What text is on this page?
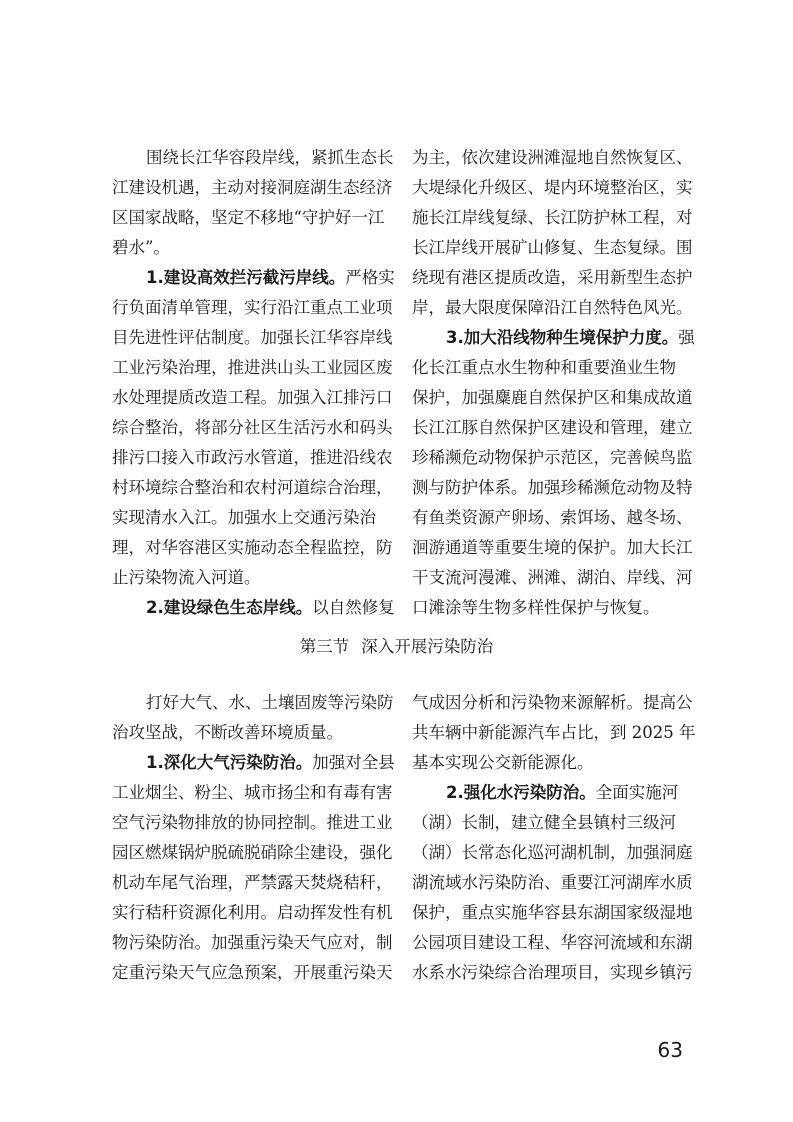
围绕长江华容段岸线，紧抓生态长
江建设机遇，主动对接洞庭湖生态经济
区国家战略，坚定不移地“守护好一江
碧水”。
1.建设高效拦污截污岸线。严格实
行负面清单管理，实行沿江重点工业项
目先进性评估制度。加强长江华容岸线
工业污染治理，推进洪山头工业园区废
水处理提质改造工程。加强入江排污口
综合整治，将部分社区生活污水和码头
排污口接入市政污水管道，推进沿线农
村环境综合整治和农村河道综合治理，
实现清水入江。加强水上交通污染治
理，对华容港区实施动态全程监控，防
止污染物流入河道。
2.建设绿色生态岸线。以自然修复
为主，依次建设洲滩湿地自然恢复区、
大堤绿化升级区、堤内环境整治区，实
施长江岸线复绿、长江防护林工程，对
长江岸线开展矿山修复、生态复绿。围
绕现有港区提质改造，采用新型生态护
岸，最大限度保障沿江自然特色风光。
3.加大沿线物种生境保护力度。强
化长江重点水生物种和重要渔业生物
保护，加强麋鹿自然保护区和集成故道
长江江豚自然保护区建设和管理，建立
珍稀濒危动物保护示范区，完善候鸟监
测与防护体系。加强珍稀濒危动物及特
有鱼类资源产卵场、索饵场、越冬场、
洄游通道等重要生境的保护。加大长江
干支流河漫滩、洲滩、湖泊、岸线、河
口滩涂等生物多样性保护与恢复。
第三节 深入开展污染防治
打好大气、水、土壤固废等污染防
治攻坚战，不断改善环境质量。
1.深化大气污染防治。加强对全县
工业烟尘、粉尘、城市扬尘和有毒有害
空气污染物排放的协同控制。推进工业
园区燃煤锅炉脱硫脱硝除尘建设，强化
机动车尾气治理，严禁露天焚烧秸秆，
实行秸秆资源化利用。启动挥发性有机
物污染防治。加强重污染天气应对，制
定重污染天气应急预案，开展重污染天
气成因分析和污染物来源解析。提高公
共车辆中新能源汽车占比，到 2025 年
基本实现公交新能源化。
2.强化水污染防治。全面实施河
（湖）长制，建立健全县镇村三级河
（湖）长常态化巡河湖机制，加强洞庭
湖流域水污染防治、重要江河湖库水质
保护，重点实施华容县东湖国家级湿地
公园项目建设工程、华容河流域和东湖
水系水污染综合治理项目，实现乡镇污
63
